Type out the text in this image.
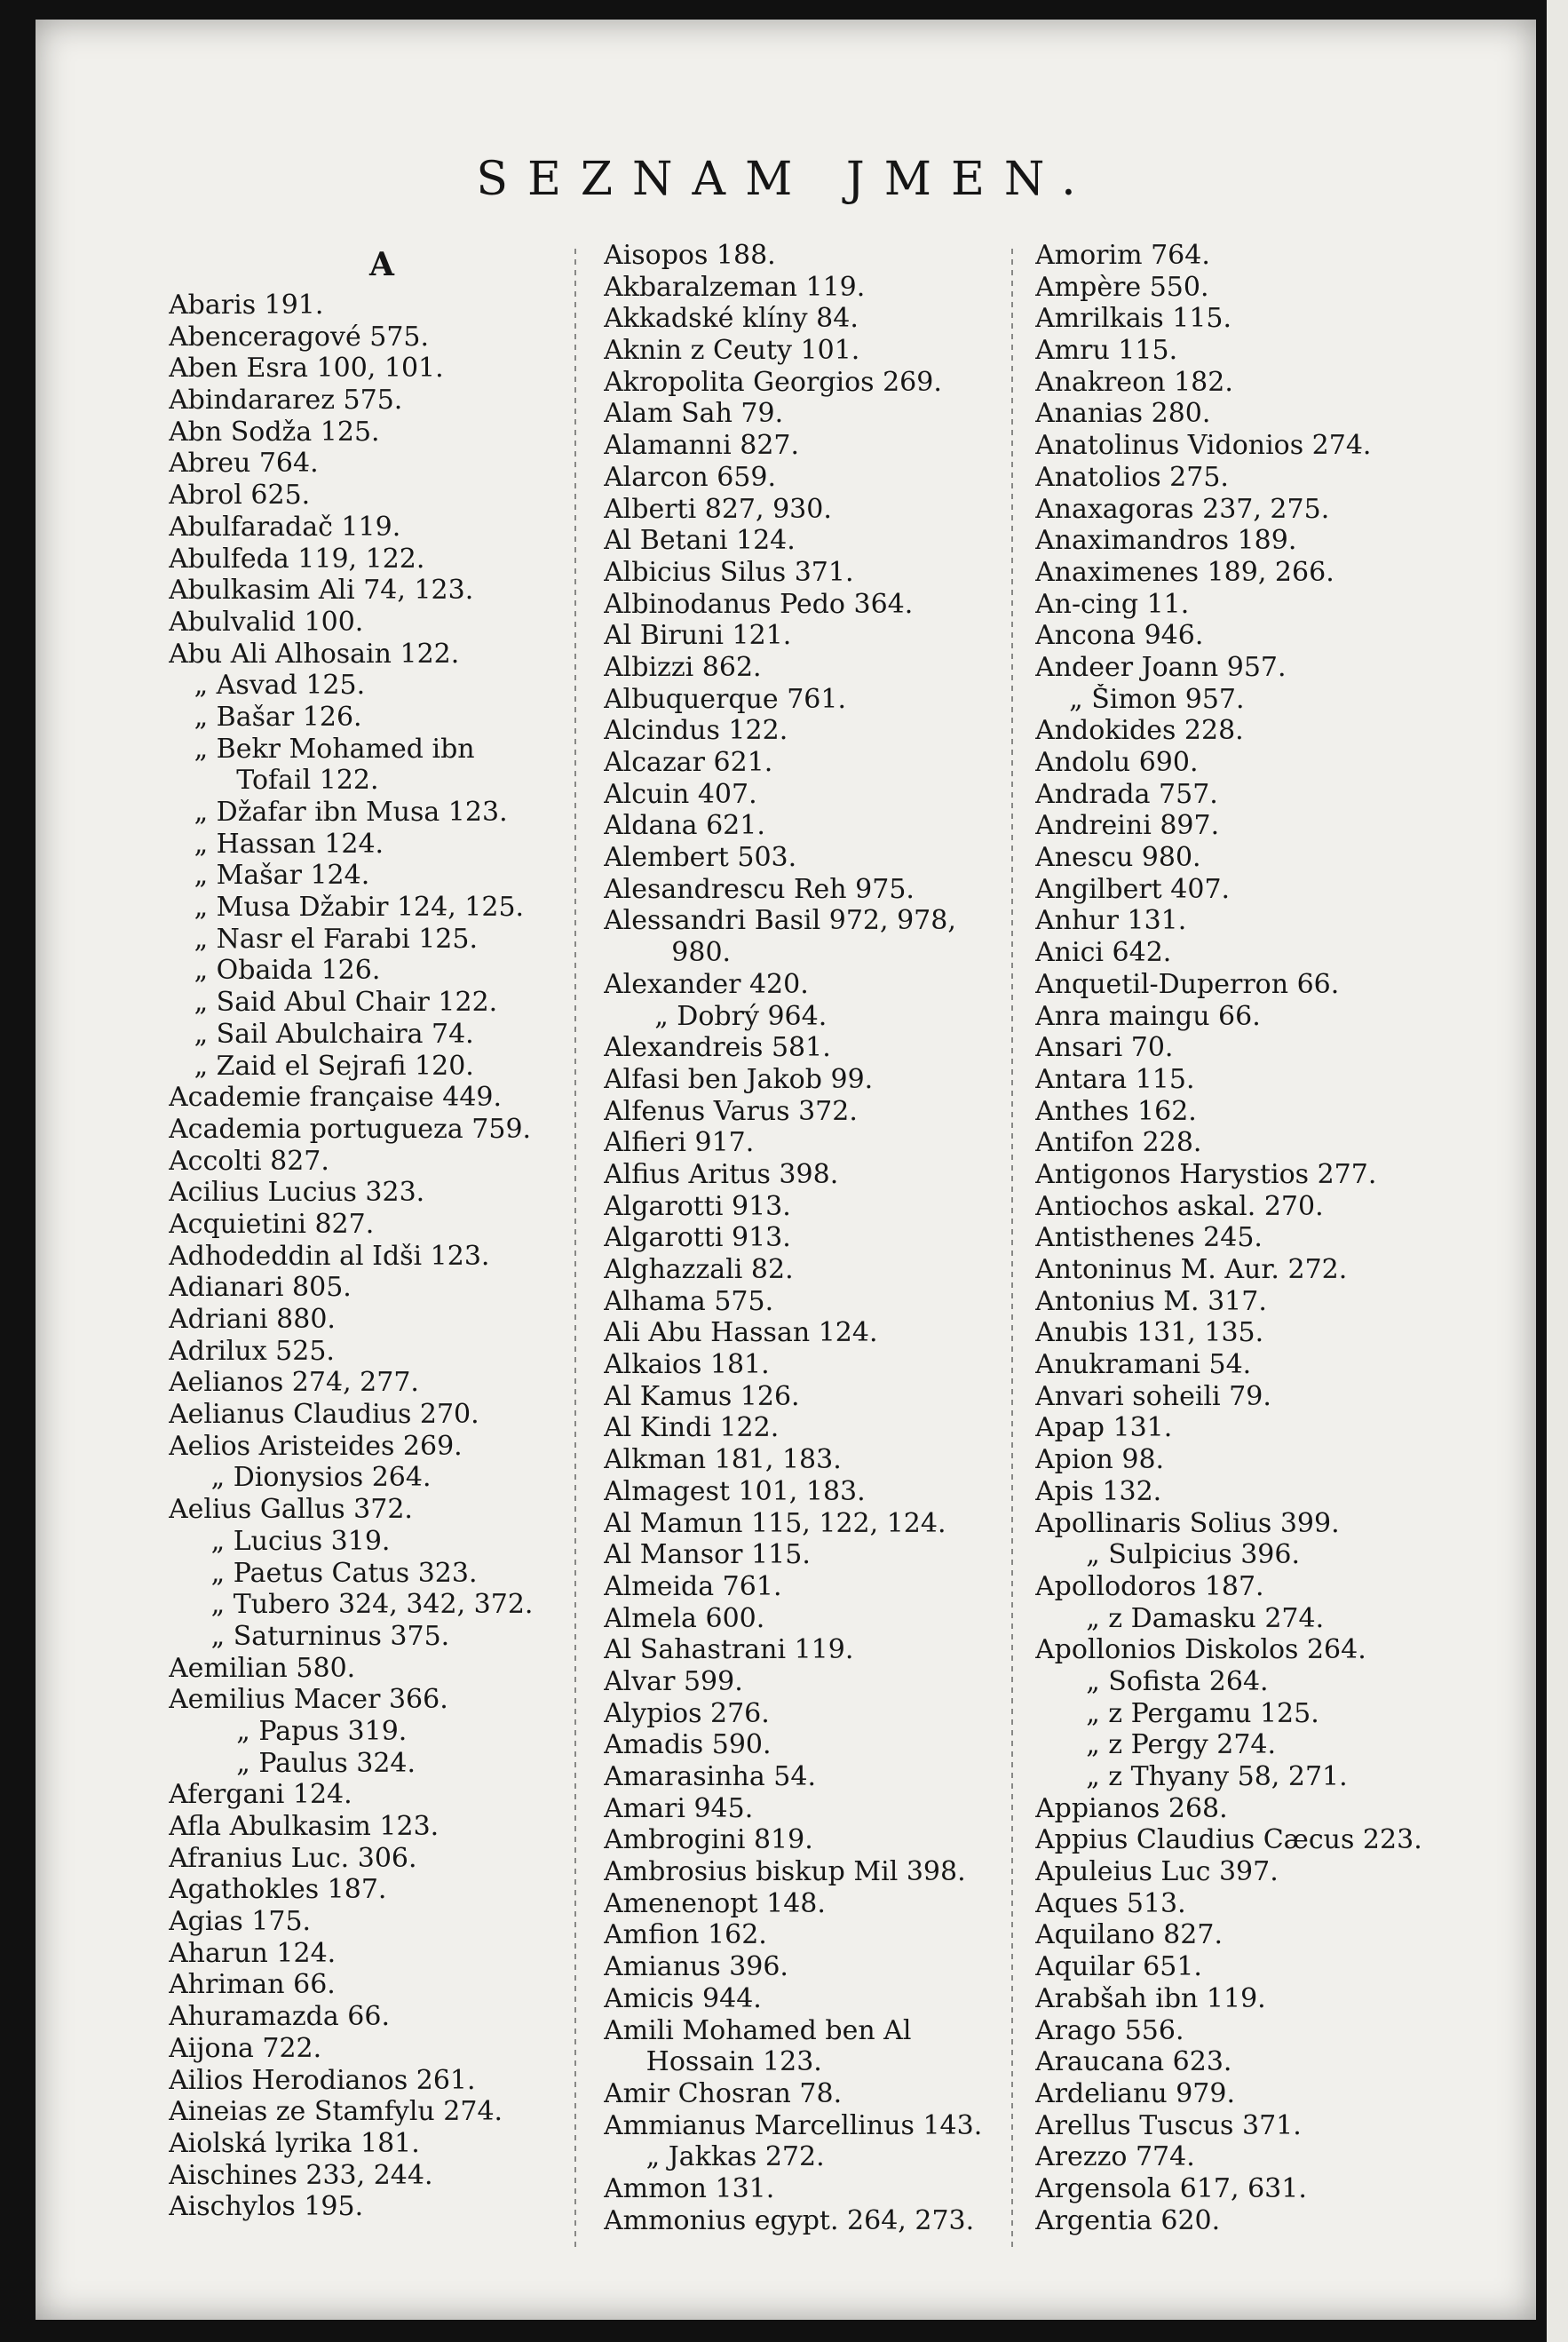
SEZNAM JMEN.
A
Abaris 191.
Abenceragové 575.
Aben Esra 100, 101.
Abindararez 575.
Abn Sodža 125.
Abreu 764.
Abrol 625.
Abulfaradač 119.
Abulfeda 119, 122.
Abulkasim Ali 74, 123.
Abulvalid 100.
Abu Ali Alhosain 122.
„ Asvad 125.
„ Bašar 126.
„ Bekr Mohamed ibn
Tofail 122.
„ Džafar ibn Musa 123.
„ Hassan 124.
„ Mašar 124.
„ Musa Džabir 124, 125.
„ Nasr el Farabi 125.
„ Obaida 126.
„ Said Abul Chair 122.
„ Sail Abulchaira 74.
„ Zaid el Sejrafi 120.
Academie française 449.
Academia portugueza 759.
Accolti 827.
Acilius Lucius 323.
Acquietini 827.
Adhodeddin al Idši 123.
Adianari 805.
Adriani 880.
Adrilux 525.
Aelianos 274, 277.
Aelianus Claudius 270.
Aelios Aristeides 269.
„ Dionysios 264.
Aelius Gallus 372.
„ Lucius 319.
„ Paetus Catus 323.
„ Tubero 324, 342, 372.
„ Saturninus 375.
Aemilian 580.
Aemilius Macer 366.
„ Papus 319.
„ Paulus 324.
Afergani 124.
Afla Abulkasim 123.
Afranius Luc. 306.
Agathokles 187.
Agias 175.
Aharun 124.
Ahriman 66.
Ahuramazda 66.
Aijona 722.
Ailios Herodianos 261.
Aineias ze Stamfylu 274.
Aiolská lyrika 181.
Aischines 233, 244.
Aischylos 195.
Aisopos 188.
Akbaralzeman 119.
Akkadské klíny 84.
Aknin z Ceuty 101.
Akropolita Georgios 269.
Alam Sah 79.
Alamanni 827.
Alarcon 659.
Alberti 827, 930.
Al Betani 124.
Albicius Silus 371.
Albinodanus Pedo 364.
Al Biruni 121.
Albizzi 862.
Albuquerque 761.
Alcindus 122.
Alcazar 621.
Alcuin 407.
Aldana 621.
Alembert 503.
Alesandrescu Reh 975.
Alessandri Basil 972, 978,
980.
Alexander 420.
„ Dobrý 964.
Alexandreis 581.
Alfasi ben Jakob 99.
Alfenus Varus 372.
Alfieri 917.
Alfius Aritus 398.
Algarotti 913.
Algarotti 913.
Alghazzali 82.
Alhama 575.
Ali Abu Hassan 124.
Alkaios 181.
Al Kamus 126.
Al Kindi 122.
Alkman 181, 183.
Almagest 101, 183.
Al Mamun 115, 122, 124.
Al Mansor 115.
Almeida 761.
Almela 600.
Al Sahastrani 119.
Alvar 599.
Alypios 276.
Amadis 590.
Amarasinha 54.
Amari 945.
Ambrogini 819.
Ambrosius biskup Mil 398.
Amenenopt 148.
Amfion 162.
Amianus 396.
Amicis 944.
Amili Mohamed ben Al
Hossain 123.
Amir Chosran 78.
Ammianus Marcellinus 143.
„ Jakkas 272.
Ammon 131.
Ammonius egypt. 264, 273.
Amorim 764.
Ampère 550.
Amrilkais 115.
Amru 115.
Anakreon 182.
Ananias 280.
Anatolinus Vidonios 274.
Anatolios 275.
Anaxagoras 237, 275.
Anaximandros 189.
Anaximenes 189, 266.
An-cing 11.
Ancona 946.
Andeer Joann 957.
„ Šimon 957.
Andokides 228.
Andolu 690.
Andrada 757.
Andreini 897.
Anescu 980.
Angilbert 407.
Anhur 131.
Anici 642.
Anquetil-Duperron 66.
Anra maingu 66.
Ansari 70.
Antara 115.
Anthes 162.
Antifon 228.
Antigonos Harystios 277.
Antiochos askal. 270.
Antisthenes 245.
Antoninus M. Aur. 272.
Antonius M. 317.
Anubis 131, 135.
Anukramani 54.
Anvari soheili 79.
Apap 131.
Apion 98.
Apis 132.
Apollinaris Solius 399.
„ Sulpicius 396.
Apollodoros 187.
„ z Damasku 274.
Apollonios Diskolos 264.
„ Sofista 264.
„ z Pergamu 125.
„ z Pergy 274.
„ z Thyany 58, 271.
Appianos 268.
Appius Claudius Cæcus 223.
Apuleius Luc 397.
Aques 513.
Aquilano 827.
Aquilar 651.
Arabšah ibn 119.
Arago 556.
Araucana 623.
Ardelianu 979.
Arellus Tuscus 371.
Arezzo 774.
Argensola 617, 631.
Argentia 620.
